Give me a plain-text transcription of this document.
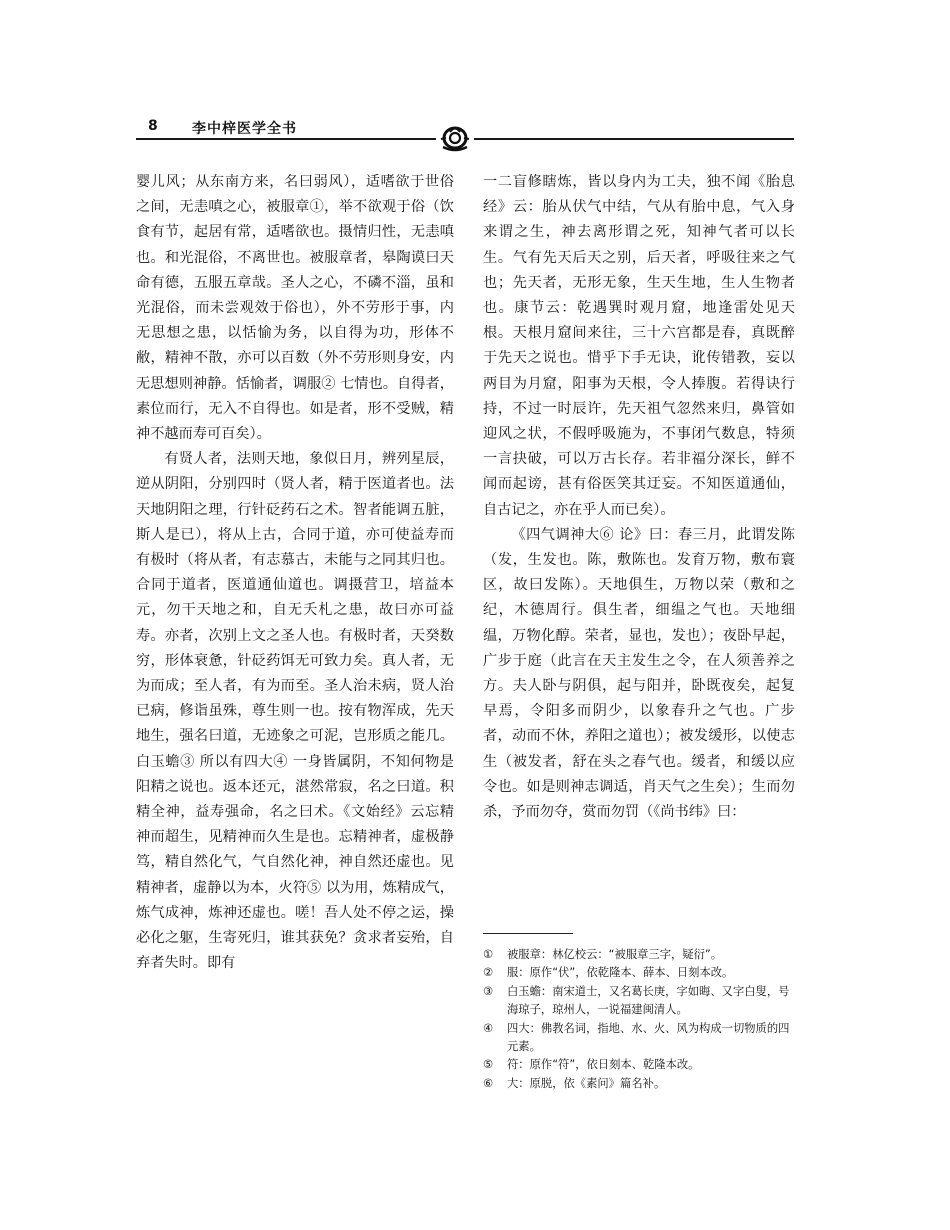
8 李中梓医学全书

婴儿风；从东南方来，名曰弱风），适嗜欲于世俗之间，无恚嗔之心，被服章①，举不欲观于俗（饮食有节，起居有常，适嗜欲也。摄情归性，无恚嗔也。和光混俗，不离世也。被服章者，皋陶谟曰天命有德，五服五章哉。圣人之心，不磷不淄，虽和光混俗，而未尝观效于俗也），外不劳形于事，内无思想之患，以恬愉为务，以自得为功，形体不敝，精神不散，亦可以百数（外不劳形则身安，内无思想则神静。恬愉者，调服② 七情也。自得者，素位而行，无入不自得也。如是者，形不受贼，精神不越而寿可百矣）。

有贤人者，法则天地，象似日月，辨列星辰，逆从阴阳，分别四时（贤人者，精于医道者也。法天地阴阳之理，行针砭药石之术。智者能调五脏，斯人是已），将从上古，合同于道，亦可使益寿而有极时（将从者，有志慕古，未能与之同其归也。合同于道者，医道通仙道也。调摄营卫，培益本元，勿干天地之和，自无夭札之患，故曰亦可益寿。亦者，次别上文之圣人也。有极时者，天癸数穷，形体衰惫，针砭药饵无可致力矣。真人者，无为而成；至人者，有为而至。圣人治未病，贤人治已病，修诣虽殊，尊生则一也。按有物浑成，先天地生，强名曰道，无迹象之可泥，岂形质之能几。白玉蟾③ 所以有四大④ 一身皆属阴，不知何物是阳精之说也。返本还元，湛然常寂，名之曰道。积精全神，益寿强命，名之曰术。《文始经》云忘精神而超生，见精神而久生是也。忘精神者，虚极静笃，精自然化气，气自然化神，神自然还虚也。见精神者，虚静以为本，火符⑤ 以为用，炼精成气，炼气成神，炼神还虚也。嗟！吾人处不停之运，操必化之躯，生寄死归，谁其获免？贪求者妄殆，自弃者失时。即有

一二盲修瞎炼，皆以身内为工夫，独不闻《胎息经》云：胎从伏气中结，气从有胎中息，气入身来谓之生，神去离形谓之死，知神气者可以长生。气有先天后天之别，后天者，呼吸往来之气也；先天者，无形无象，生天生地，生人生物者也。康节云：乾遇巽时观月窟，地逢雷处见天根。天根月窟间来往，三十六宫都是春，真既醉于先天之说也。惜乎下手无诀，讹传错教，妄以两目为月窟，阳事为天根，令人捧腹。若得诀行持，不过一时辰许，先天祖气忽然来归，鼻管如迎风之状，不假呼吸施为，不事闭气数息，特须一言抉破，可以万古长存。若非福分深长，鲜不闻而起谤，甚有俗医笑其迂妄。不知医道通仙，自古记之，亦在乎人而已矣）。

《四气调神大⑥ 论》曰：春三月，此谓发陈（发，生发也。陈，敷陈也。发育万物，敷布寰区，故曰发陈）。天地俱生，万物以荣（敷和之纪，木德周行。俱生者，细缊之气也。天地细缊，万物化醇。荣者，显也，发也）；夜卧早起，广步于庭（此言在天主发生之令，在人须善养之方。夫人卧与阴俱，起与阳并，卧既夜矣，起复早焉，令阳多而阴少，以象春升之气也。广步者，动而不休，养阳之道也）；被发缓形，以使志生（被发者，舒在头之春气也。缓者，和缓以应令也。如是则神志调适，肖天气之生矣）；生而勿杀，予而勿夺，赏而勿罚（《尚书纬》曰：

①	被服章：林亿校云：“被服章三字，疑衍”。
②	服：原作“伏”，依乾隆本、薛本、日刻本改。
③	白玉蟾：南宋道士，又名葛长庚，字如晦、又字白叟，号海琼子，琼州人，一说福建闽清人。
④	四大：佛教名词，指地、水、火、风为构成一切物质的四元素。
⑤	符：原作“符”，依日刻本、乾隆本改。
⑥	大：原脱，依《素问》篇名补。
